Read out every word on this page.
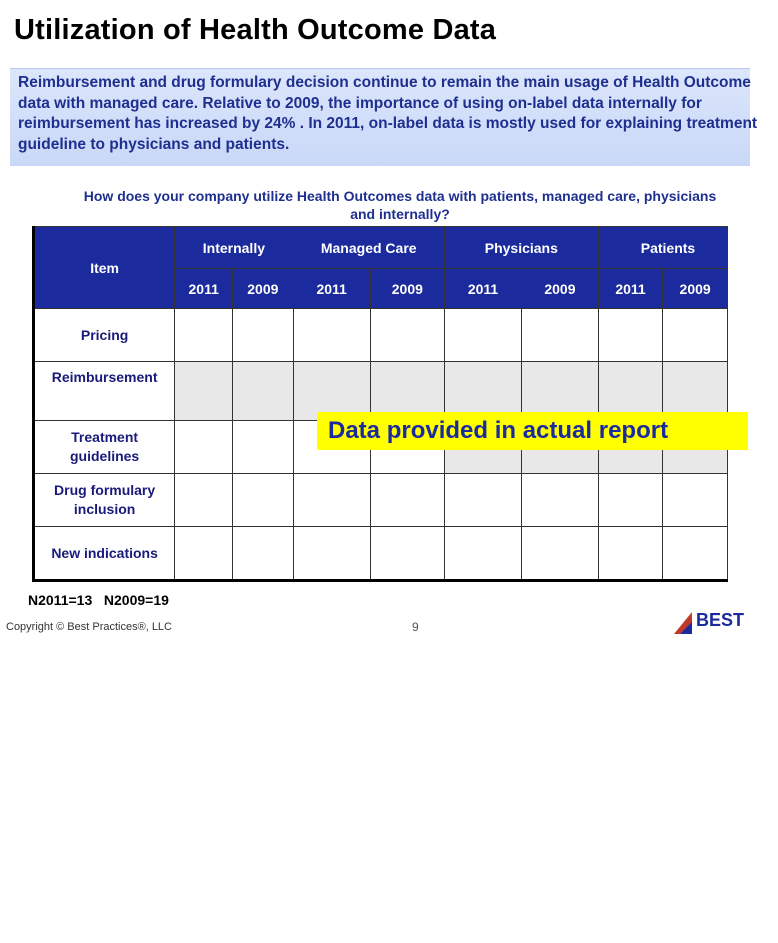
Utilization of Health Outcome Data

Reimbursement and drug formulary decision continue to remain the main usage of Health Outcome data with managed care. Relative to 2009, the importance of using on-label data internally for reimbursement has increased by 24% . In 2011, on-label data is mostly used for explaining treatment guideline to physicians and patients.

How does your company utilize Health Outcomes data with patients, managed care, physicians
and internally?
Item	Internally		Managed Care		Physicians		Patients	
	2011	2009	2011	2009	2011	2009	2011	2009
Pricing								
Reimbursement								
Treatment guidelines								
Drug formulary inclusion								
New indications								
Data provided in actual report
N2011=13   N2009=19
Copyright © Best Practices®, LLC	9	BEST
